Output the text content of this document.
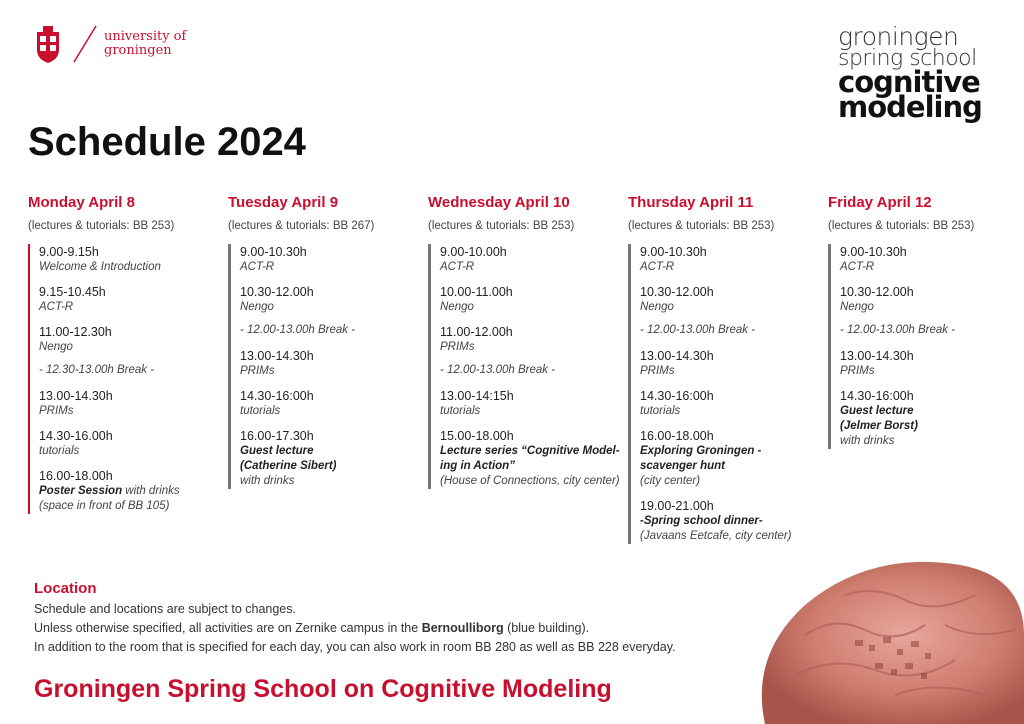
university of
groningen	groningen
spring school
cognitive
modeling
Schedule 2024
Monday April 8
(lectures & tutorials: BB 253)
9.00-9.15h
Welcome & Introduction
9.15-10.45h
ACT-R
11.00-12.30h
Nengo
- 12.30-13.00h Break -
13.00-14.30h
PRIMs
14.30-16.00h
tutorials
16.00-18.00h
Poster Session with drinks
(space in front of BB 105)
Tuesday April 9
(lectures & tutorials: BB 267)
9.00-10.30h
ACT-R
10.30-12.00h
Nengo
- 12.00-13.00h Break -
13.00-14.30h
PRIMs
14.30-16:00h
tutorials
16.00-17.30h
Guest lecture
(Catherine Sibert)
with drinks
Wednesday April 10
(lectures & tutorials: BB 253)
9.00-10.00h
ACT-R
10.00-11.00h
Nengo
11.00-12.00h
PRIMs
- 12.00-13.00h Break -
13.00-14:15h
tutorials
15.00-18.00h
Lecture series “Cognitive Model-
ing in Action”
(House of Connections, city center)
Thursday April 11
(lectures & tutorials: BB 253)
9.00-10.30h
ACT-R
10.30-12.00h
Nengo
- 12.00-13.00h Break -
13.00-14.30h
PRIMs
14.30-16:00h
tutorials
16.00-18.00h
Exploring Groningen -
scavenger hunt
(city center)
19.00-21.00h
-Spring school dinner-
(Javaans Eetcafe, city center)
Friday April 12
(lectures & tutorials: BB 253)
9.00-10.30h
ACT-R
10.30-12.00h
Nengo
- 12.00-13.00h Break -
13.00-14.30h
PRIMs
14.30-16:00h
Guest lecture
(Jelmer Borst)
with drinks
Location
Schedule and locations are subject to changes.
Unless otherwise specified, all activities are on Zernike campus in the Bernoulliborg (blue building).
In addition to the room that is specified for each day, you can also work in room BB 280 as well as BB 228 everyday.
Groningen Spring School on Cognitive Modeling
